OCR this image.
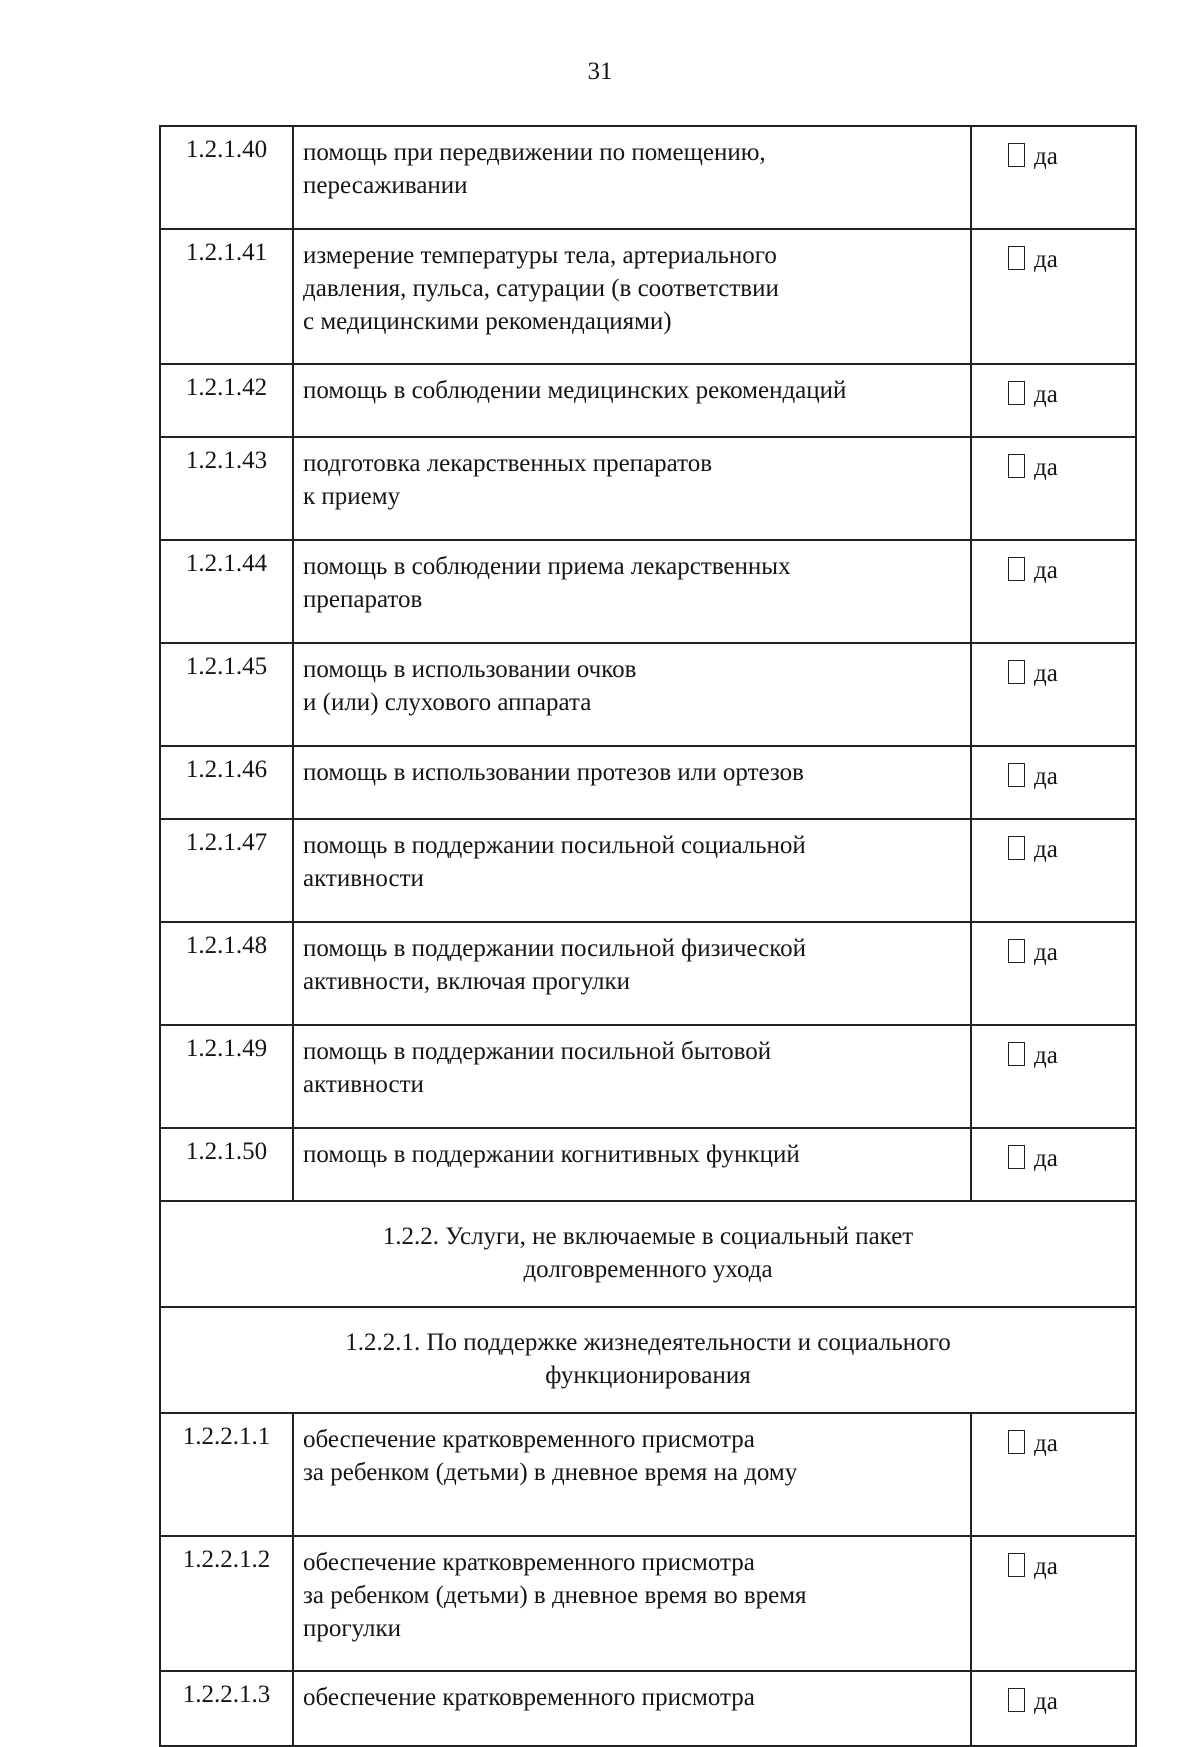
31
1.2.1.40	помощь при передвижении по помещению,
пересаживании	да
1.2.1.41	измерение температуры тела, артериального
давления, пульса, сатурации (в соответствии
с медицинскими рекомендациями)	да
1.2.1.42	помощь в соблюдении медицинских рекомендаций	да
1.2.1.43	подготовка лекарственных препаратов
к приему	да
1.2.1.44	помощь в соблюдении приема лекарственных
препаратов	да
1.2.1.45	помощь в использовании очков
и (или) слухового аппарата	да
1.2.1.46	помощь в использовании протезов или ортезов	да
1.2.1.47	помощь в поддержании посильной социальной
активности	да
1.2.1.48	помощь в поддержании посильной физической
активности, включая прогулки	да
1.2.1.49	помощь в поддержании посильной бытовой
активности	да
1.2.1.50	помощь в поддержании когнитивных функций	да
1.2.2. Услуги, не включаемые в социальный пакет
долговременного ухода		
1.2.2.1. По поддержке жизнедеятельности и социального
функционирования		
1.2.2.1.1	обеспечение кратковременного присмотра
за ребенком (детьми) в дневное время на дому	да
1.2.2.1.2	обеспечение кратковременного присмотра
за ребенком (детьми) в дневное время во время
прогулки	да
1.2.2.1.3	обеспечение кратковременного присмотра	да
